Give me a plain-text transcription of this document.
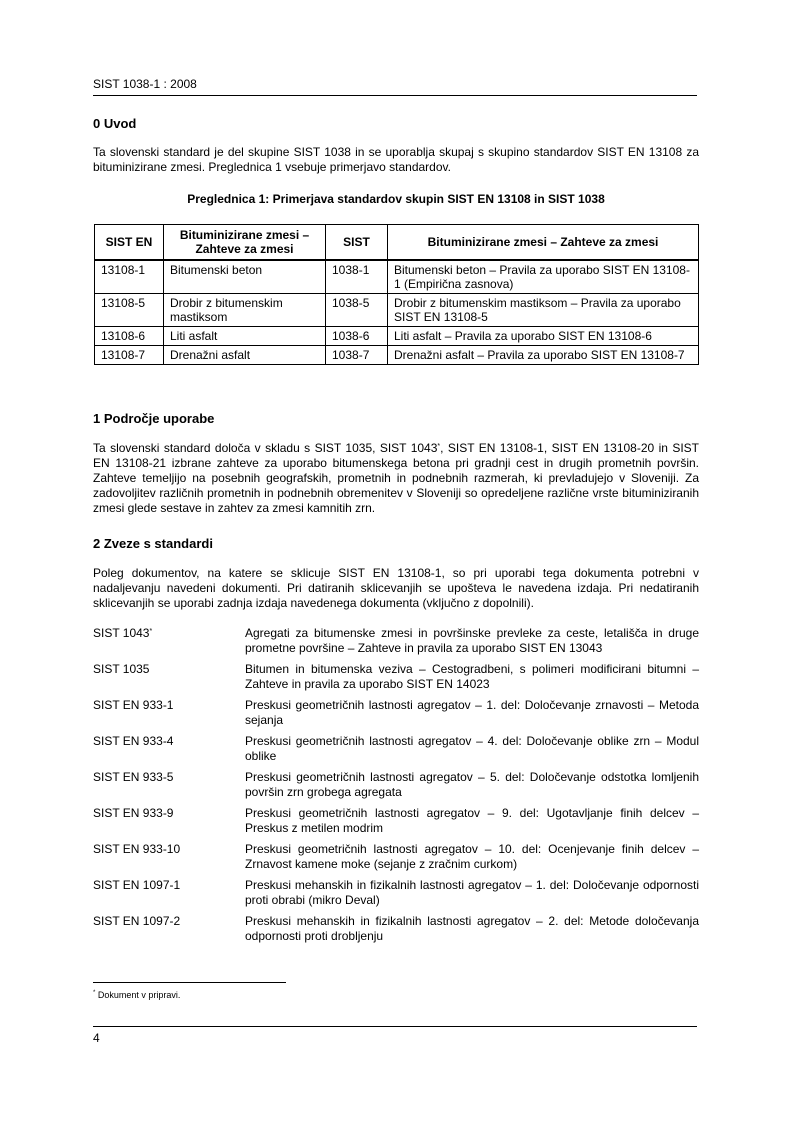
SIST 1038-1 : 2008
0 Uvod
Ta slovenski standard je del skupine SIST 1038 in se uporablja skupaj s skupino standardov SIST EN 13108 za bituminizirane zmesi. Preglednica 1 vsebuje primerjavo standardov.
Preglednica 1: Primerjava standardov skupin SIST EN 13108 in SIST 1038
SIST EN	Bituminizirane zmesi – Zahteve za zmesi	SIST	Bituminizirane zmesi – Zahteve za zmesi
13108-1	Bitumenski beton	1038-1	Bitumenski beton – Pravila za uporabo SIST EN 13108-1 (Empirična zasnova)
13108-5	Drobir z bitumenskim mastiksom	1038-5	Drobir z bitumenskim mastiksom – Pravila za uporabo SIST EN 13108-5
13108-6	Liti asfalt	1038-6	Liti asfalt – Pravila za uporabo SIST EN 13108-6
13108-7	Drenažni asfalt	1038-7	Drenažni asfalt – Pravila za uporabo SIST EN 13108-7
1 Področje uporabe
Ta slovenski standard določa v skladu s SIST 1035, SIST 1043*, SIST EN 13108-1, SIST EN 13108-20 in SIST EN 13108-21 izbrane zahteve za uporabo bitumenskega betona pri gradnji cest in drugih prometnih površin. Zahteve temeljijo na posebnih geografskih, prometnih in podnebnih razmerah, ki prevladujejo v Sloveniji. Za zadovoljitev različnih prometnih in podnebnih obremenitev v Sloveniji so opredeljene različne vrste bituminiziranih zmesi glede sestave in zahtev za zmesi kamnitih zrn.
2 Zveze s standardi
Poleg dokumentov, na katere se sklicuje SIST EN 13108-1, so pri uporabi tega dokumenta potrebni v nadaljevanju navedeni dokumenti. Pri datiranih sklicevanjih se upošteva le navedena izdaja. Pri nedatiranih sklicevanjih se uporabi zadnja izdaja navedenega dokumenta (vključno z dopolnili).
SIST 1043*	Agregati za bitumenske zmesi in površinske prevleke za ceste, letališča in druge prometne površine – Zahteve in pravila za uporabo SIST EN 13043
SIST 1035	Bitumen in bitumenska veziva – Cestogradbeni, s polimeri modificirani bitumni – Zahteve in pravila za uporabo SIST EN 14023
SIST EN 933-1	Preskusi geometričnih lastnosti agregatov – 1. del: Določevanje zrnavosti – Metoda sejanja
SIST EN 933-4	Preskusi geometričnih lastnosti agregatov – 4. del: Določevanje oblike zrn – Modul oblike
SIST EN 933-5	Preskusi geometričnih lastnosti agregatov – 5. del: Določevanje odstotka lomljenih površin zrn grobega agregata
SIST EN 933-9	Preskusi geometričnih lastnosti agregatov – 9. del: Ugotavljanje finih delcev – Preskus z metilen modrim
SIST EN 933-10	Preskusi geometričnih lastnosti agregatov – 10. del: Ocenjevanje finih delcev – Zrnavost kamene moke (sejanje z zračnim curkom)
SIST EN 1097-1	Preskusi mehanskih in fizikalnih lastnosti agregatov – 1. del: Določevanje odpornosti proti obrabi (mikro Deval)
SIST EN 1097-2	Preskusi mehanskih in fizikalnih lastnosti agregatov – 2. del: Metode določevanja odpornosti proti drobljenju
* Dokument v pripravi.
4
